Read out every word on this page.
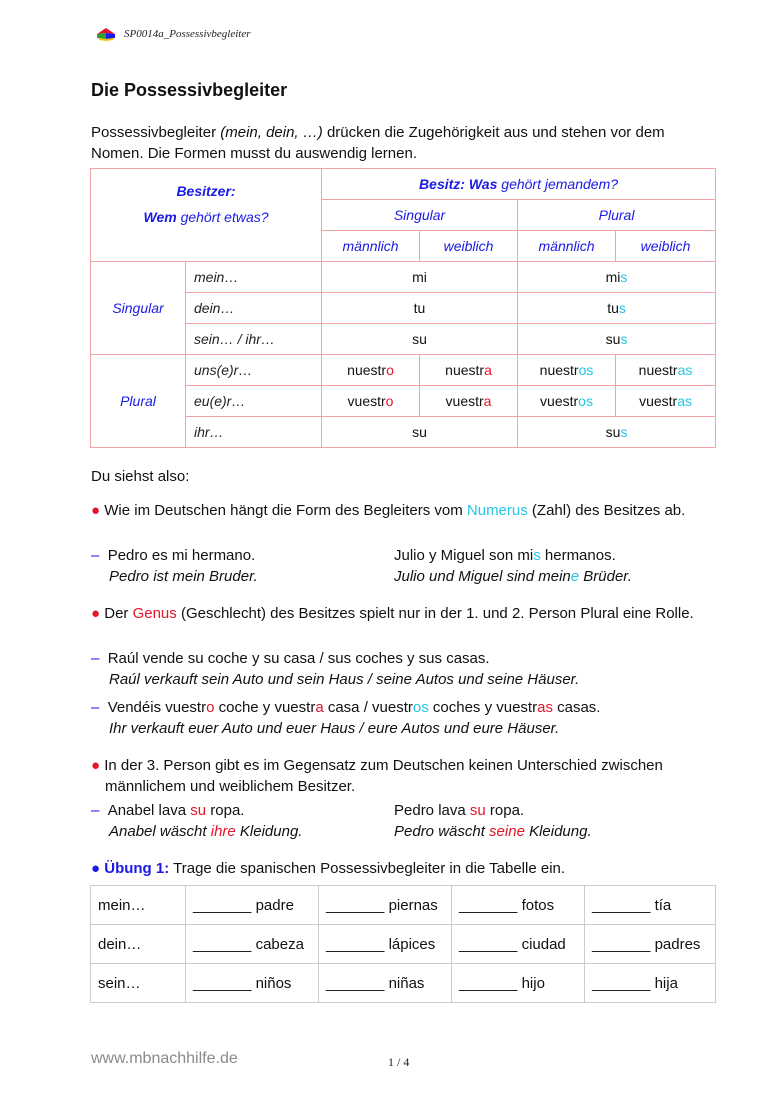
SP0014a_Possessivbegleiter
Die Possessivbegleiter

Possessivbegleiter (mein, dein, …) drücken die Zugehörigkeit aus und stehen vor dem Nomen. Die Formen musst du auswendig lernen.

Besitzer:
Wem gehört etwas?		Besitz: Was gehört jemandem?			
		Singular		Plural	
		männlich	weiblich	männlich	weiblich
Singular	mein…	mi		mis	
	dein…	tu		tus	
	sein… / ihr…	su		sus	
Plural	uns(e)r…	nuestro	nuestra	nuestros	nuestras
	eu(e)r…	vuestro	vuestra	vuestros	vuestras
	ihr…	su		sus	
Du siehst also:
● Wie im Deutschen hängt die Form des Begleiters vom Numerus (Zahl) des Besitzes ab.
– Pedro es mi hermano.
Pedro ist mein Bruder.
Julio y Miguel son mis hermanos.
Julio und Miguel sind meine Brüder.
● Der Genus (Geschlecht) des Besitzes spielt nur in der 1. und 2. Person Plural eine Rolle.
– Raúl vende su coche y su casa / sus coches y sus casas.
Raúl verkauft sein Auto und sein Haus / seine Autos und seine Häuser.
– Vendéis vuestro coche y vuestra casa / vuestros coches y vuestras casas.
Ihr verkauft euer Auto und euer Haus / eure Autos und eure Häuser.
● In der 3. Person gibt es im Gegensatz zum Deutschen keinen Unterschied zwischen männlichem und weiblichem Besitzer.
– Anabel lava su ropa.
Anabel wäscht ihre Kleidung.
Pedro lava su ropa.
Pedro wäscht seine Kleidung.
● Übung 1: Trage die spanischen Possessivbegleiter in die Tabelle ein.
mein…	_______ padre	_______ piernas	_______ fotos	_______ tía
dein…	_______ cabeza	_______ lápices	_______ ciudad	_______ padres
sein…	_______ niños	_______ niñas	_______ hijo	_______ hija
www.mbnachhilfe.de	1 / 4
